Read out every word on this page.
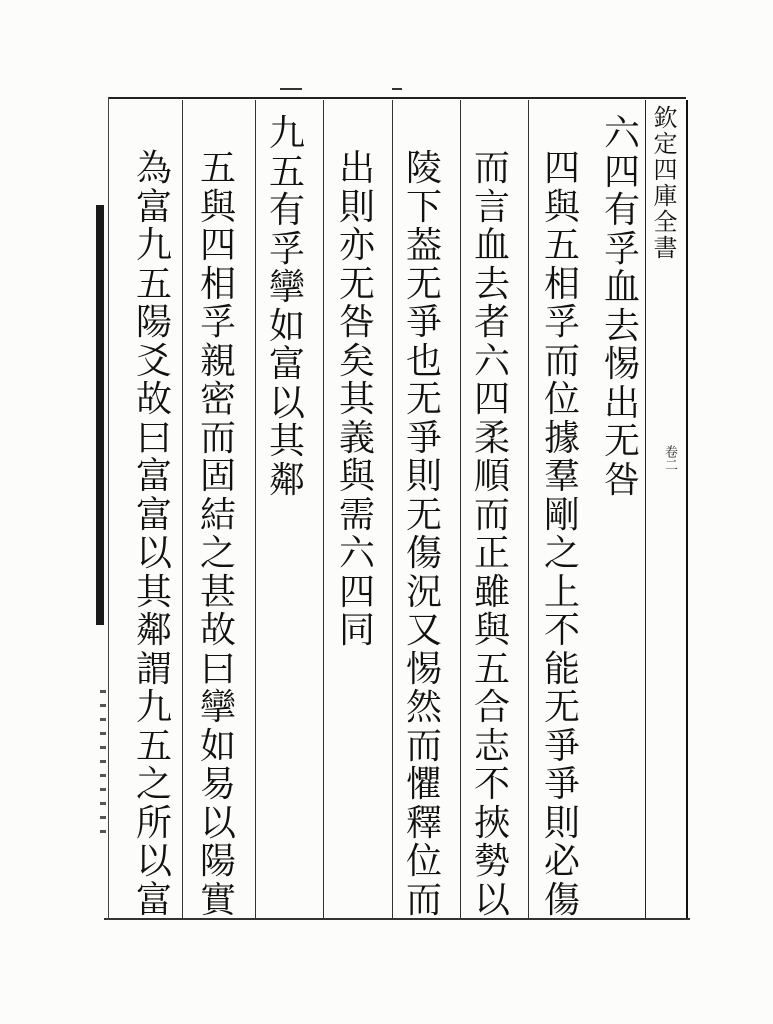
欽定四庫全書
卷二
六
四
有
孚
血
去
惕
出
无
咎
四
與
五
相
孚
而
位
據
羣
剛
之
上
不
能
无
爭
爭
則
必
傷
而
言
血
去
者
六
四
柔
順
而
正
雖
與
五
合
志
不
挾
勢
以
陵
下
葢
无
爭
也
无
爭
則
无
傷
況
又
惕
然
而
懼
釋
位
而
出
則
亦
无
咎
矣
其
義
與
需
六
四
同
九
五
有
孚
攣
如
富
以
其
鄰
五
與
四
相
孚
親
密
而
固
結
之
甚
故
曰
攣
如
易
以
陽
實
為
富
九
五
陽
爻
故
曰
富
富
以
其
鄰
謂
九
五
之
所
以
富
